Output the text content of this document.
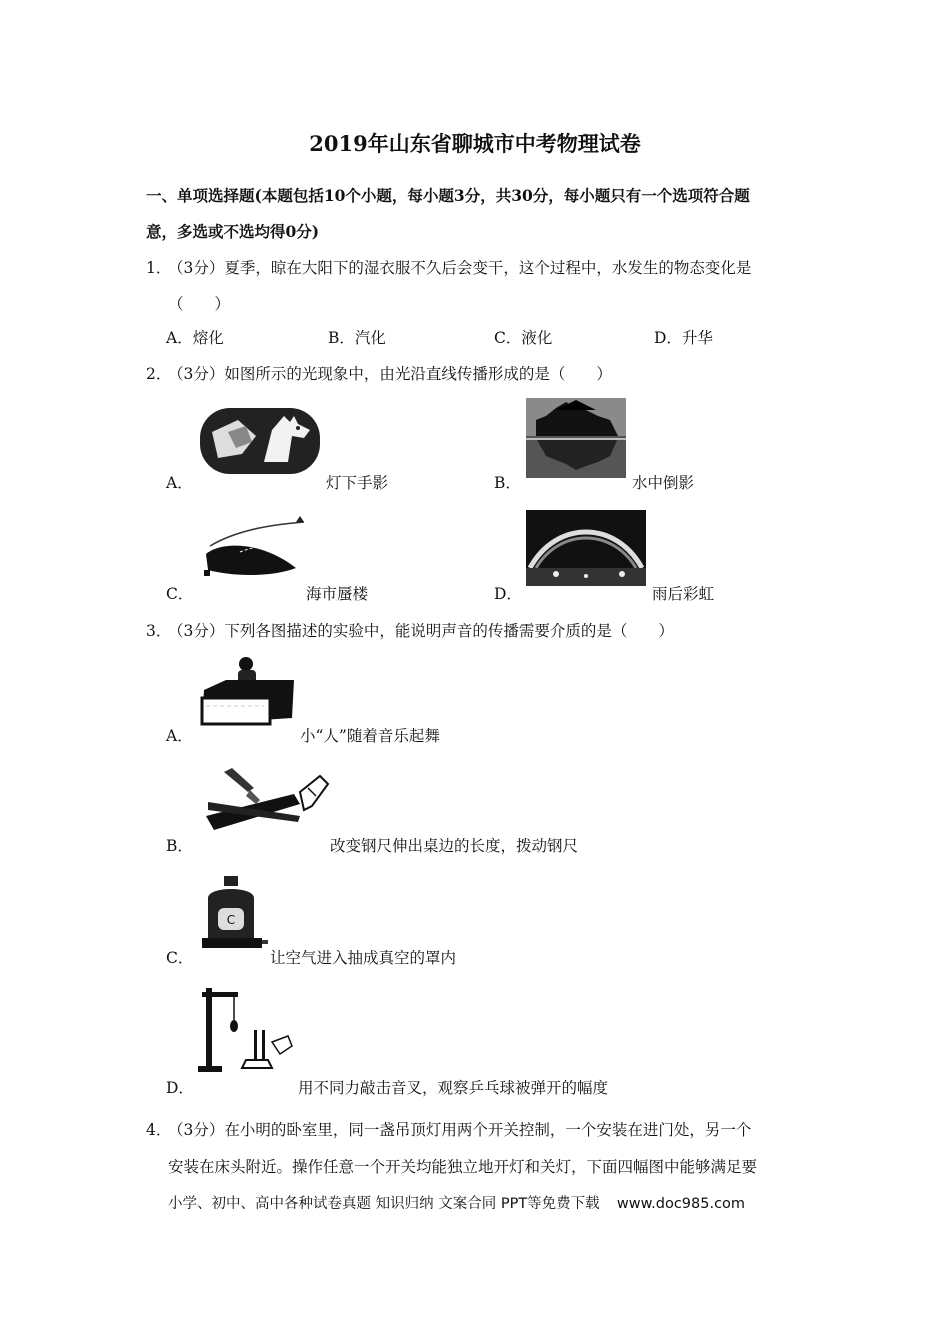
2019年山东省聊城市中考物理试卷
一、单项选择题(本题包括10个小题，每小题3分，共30分，每小题只有一个选项符合题
意，多选或不选均得0分)
1．
（3分）夏季，晾在大阳下的湿衣服不久后会变干，这个过程中，水发生的物态变化是
（　　）
A．熔化	B．汽化	C．液化	D．升华
2．
（3分）如图所示的光现象中，由光沿直线传播形成的是（　　）
A．	灯下手影	B．	水中倒影
C．	海市蜃楼	D．	雨后彩虹
3．
（3分）下列各图描述的实验中，能说明声音的传播需要介质的是（　　）
A．	小“人”随着音乐起舞
B．	改变钢尺伸出桌边的长度，拨动钢尺
C．
C
让空气进入抽成真空的罩内
D．	用不同力敲击音叉，观察乒乓球被弹开的幅度
4．
（3分）在小明的卧室里，同一盏吊顶灯用两个开关控制，一个安装在进门处，另一个
安装在床头附近。操作任意一个开关均能独立地开灯和关灯，下面四幅图中能够满足要
小学、初中、高中各种试卷真题 知识归纳 文案合同 PPT等免费下载 www.doc985.com
